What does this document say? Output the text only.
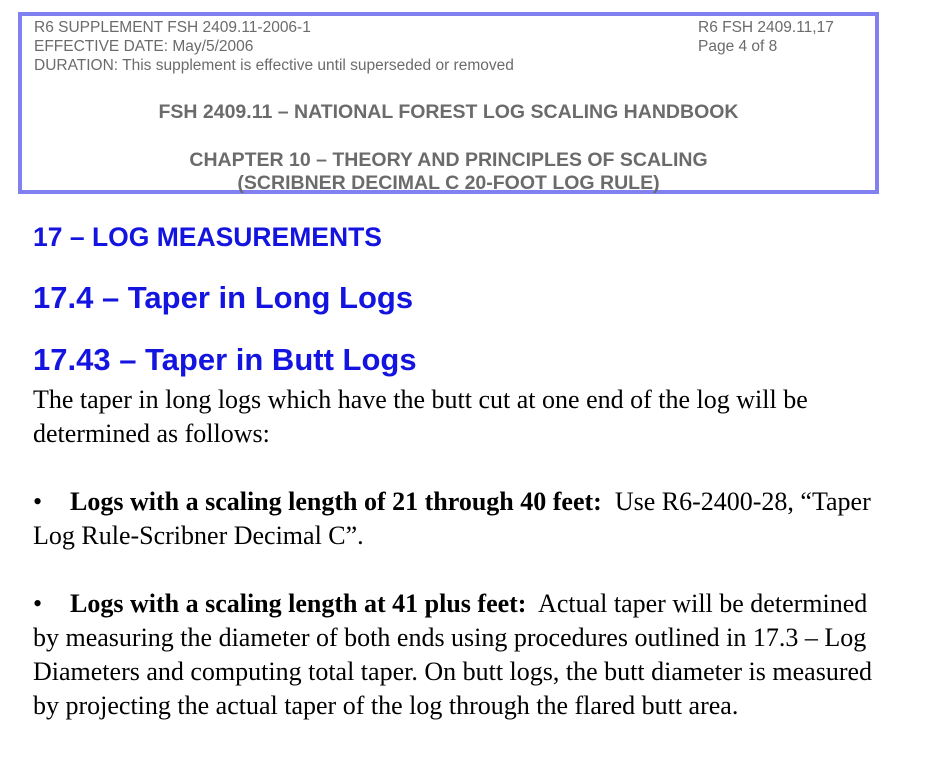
R6 SUPPLEMENT FSH 2409.11-2006-1
EFFECTIVE DATE: May/5/2006
DURATION: This supplement is effective until superseded or removed
R6 FSH 2409.11,17
Page 4 of 8
FSH 2409.11 – NATIONAL FOREST LOG SCALING HANDBOOK
CHAPTER 10 – THEORY AND PRINCIPLES OF SCALING
(SCRIBNER DECIMAL C 20-FOOT LOG RULE)
17 – LOG MEASUREMENTS
17.4 – Taper in Long Logs
17.43 – Taper in Butt Logs

The taper in long logs which have the butt cut at one end of the log will be determined as follows:

• Logs with a scaling length of 21 through 40 feet: Use R6-2400-28, “Taper Log Rule-Scribner Decimal C”.

• Logs with a scaling length at 41 plus feet: Actual taper will be determined by measuring the diameter of both ends using procedures outlined in 17.3 – Log Diameters and computing total taper. On butt logs, the butt diameter is measured by projecting the actual taper of the log through the flared butt area.
